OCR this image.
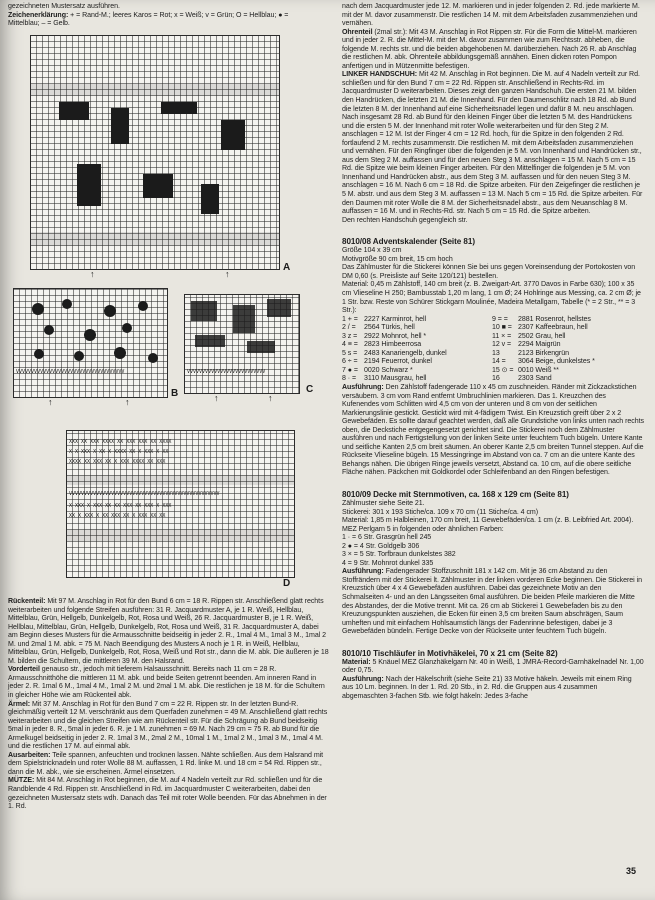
gezeichneten Mustersatz ausführen.

Zeichenerklärung: + = Rand-M.; leeres Karos = Rot; x = Weiß; v = Grün; O = Hellblau; ● = Mittelblau; – = Gelb.

↑	↑
A
VVVVVVVVVVVVVVVVVVVVVVVVVVVVVVVVVVVV
↑	↑
B
VVVVVVVVVVVVVVVVVVVVVVVVVV
↑	↑
C
XXX XX XXX XXXX XX XXX XXX XX XXXX
X X XXX X XX X XXXX XX X XXX X XX
XXXX XX XXX XX X XXX XXXX XX XXX
VVVVVVVVVVVVVVVVVVVVVVVVVVVVVVVVVVVVVVVVVVVVVVVVVV
X XXX X XXX XX XX XXX XX XXX X XXX
XX X XXX X XX XXX XX X XXX XX XX
D

Rückenteil: Mit 97 M. Anschlag in Rot für den Bund 6 cm = 18 R. Rippen str. Anschließend glatt rechts weiterarbeiten und folgende Streifen ausführen: 31 R. Jacquardmuster A, je 1 R. Weiß, Hellblau, Mittelblau, Grün, Hellgelb, Dunkelgelb, Rot, Rosa und Weiß, 26 R. Jacquardmuster B, je 1 R. Weiß, Hellblau, Mittelblau, Grün, Hellgelb, Dunkelgelb, Rot, Rosa und Weiß, 31 R. Jacquardmuster A, dabei am Beginn dieses Musters für die Armausschnitte beidseitig in jeder 2. R., 1mal 4 M., 1mal 3 M., 1mal 2 M. und 2mal 1 M. abk. = 75 M. Nach Beendigung des Musters A noch je 1 R. in Weiß, Hellblau, Mittelblau, Grün, Hellgelb, Dunkelgelb, Rot, Rosa, Weiß und Rot str., dann die M. abk. Die äußeren je 18 M. bilden die Schultern, die mittleren 39 M. den Halsrand.

Vorderteil genauso str., jedoch mit tieferem Halsausschnitt. Bereits nach 11 cm = 28 R. Armausschnitthöhe die mittleren 11 M. abk. und beide Seiten getrennt beenden. Am inneren Rand in jeder 2. R. 1mal 6 M., 1mal 4 M., 1mal 2 M. und 2mal 1 M. abk. Die restlichen je 18 M. für die Schultern in gleicher Höhe wie am Rückenteil abk.

Ärmel: Mit 37 M. Anschlag in Rot für den Bund 7 cm = 22 R. Rippen str. In der letzten Bund-R. gleichmäßig verteilt 12 M. verschränkt aus dem Querfaden zunehmen = 49 M. Anschließend glatt rechts weiterarbeiten und die gleichen Streifen wie am Rückenteil str. Für die Schrägung ab Bund beidseitig 5mal in jeder 8. R., 5mal in jeder 6. R. je 1 M. zunehmen = 69 M. Nach 29 cm = 75 R. ab Bund für die Armelkugel beidseitig in jeder 2. R. 1mal 3 M., 2mal 2 M., 10mal 1 M., 1mal 2 M., 1mal 3 M., 1mal 4 M. und die restlichen 17 M. auf einmal abk.

Ausarbeiten: Teile spannen, anfeuchten und trocknen lassen. Nähte schließen. Aus dem Halsrand mit dem Spielstricknadeln und roter Wolle 88 M. auffassen, 1 Rd. linke M. und 18 cm = 54 Rd. Rippen str., dann die M. abk., wie sie erscheinen. Ärmel einsetzen.

MÜTZE: Mit 84 M. Anschlag in Rot beginnen, die M. auf 4 Nadeln verteilt zur Rd. schließen und für die Randblende 4 Rd. Rippen str. Anschließend in Rd. im Jacquardmuster C weiterarbeiten, dabei den gezeichneten Mustersatz stets wdh. Danach das Teil mit roter Wolle beenden. Für das Abnehmen in der 1. Rd.

nach dem Jacquardmuster jede 12. M. markieren und in jeder folgenden 2. Rd. jede markierte M. mit der M. davor zusammenstr. Die restlichen 14 M. mit dem Arbeitsfaden zusammenziehen und vernähen.

Ohrenteil (2mal str.): Mit 43 M. Anschlag in Rot Rippen str. Für die Form die Mittel-M. markieren und in jeder 2. R. die Mittel-M. mit der M. davor zusammen wie zum Rechtsstr. abheben, die folgende M. rechts str. und die beiden abgehobenen M. darüberziehen. Nach 26 R. ab Anschlag die restlichen M. abk. Ohrenteile abbildungsgemäß annähen. Einen dicken roten Pompon anfertigen und in Mützenmitte befestigen.

LINKER HANDSCHUH: Mit 42 M. Anschlag in Rot beginnen. Die M. auf 4 Nadeln verteilt zur Rd. schließen und für den Bund 7 cm = 22 Rd. Rippen str. Anschließend in Rechts-Rd. im Jacquardmuster D weiterarbeiten. Dieses zeigt den ganzen Handschuh. Die ersten 21 M. bilden den Handrücken, die letzten 21 M. die Innenhand. Für den Daumenschlitz nach 18 Rd. ab Bund die letzten 8 M. der Innenhand auf eine Sicherheitsnadel legen und dafür 8 M. neu anschlagen. Nach insgesamt 28 Rd. ab Bund für den kleinen Finger über die letzten 5 M. des Handrückens und die ersten 5 M. der Innenhand mit roter Wolle weiterarbeiten und für den Steg 2 M. anschlagen = 12 M. Ist der Finger 4 cm = 12 Rd. hoch, für die Spitze in den folgenden 2 Rd. fortlaufend 2 M. rechts zusammenstr. Die restlichen M. mit dem Arbeitsfaden zusammenziehen und vernähen. Für den Ringfinger über die folgenden je 5 M. von Innenhand und Handrücken str., aus dem Steg 2 M. auffassen und für den neuen Steg 3 M. anschlagen = 15 M. Nach 5 cm = 15 Rd. die Spitze wie beim kleinen Finger arbeiten. Für den Mittelfinger die folgenden je 5 M. von Innenhand und Handrücken abstr., aus dem Steg 3 M. auffassen und für den neuen Steg 3 M. anschlagen = 16 M. Nach 6 cm = 18 Rd. die Spitze arbeiten. Für den Zeigefinger die restlichen je 5 M. abstr. und aus dem Steg 3 M. auffassen = 13 M. Nach 5 cm = 15 Rd. die Spitze arbeiten. Für den Daumen mit roter Wolle die 8 M. der Sicherheitsnadel abstr., aus dem Neuanschlag 8 M. auffassen = 16 M. und in Rechts-Rd. str. Nach 5 cm = 15 Rd. die Spitze arbeiten.

Den rechten Handschuh gegengleich str.

8010/08 Adventskalender (Seite 81)

Größe 104 x 39 cm

Motivgröße 90 cm breit, 15 cm hoch

Das Zählmuster für die Stickerei können Sie bei uns gegen Voreinsendung der Portokosten von DM 0,60 (s. Preisliste auf Seite 120/121) bestellen.

Material: 0,45 m Zählstoff, 140 cm breit (z. B. Zweigart-Art. 3770 Davos in Farbe 630); 100 x 35 cm Vlieseline H 250; Bambusstab 1,20 m lang, 1 cm Ø; 24 Hohlringe aus Messing, ca. 2 cm Ø; je 1 Str. bzw. Reste von Schürer Stickgarn Moulinée, Madeira Metallgarn, Tabelle (* = 2 Str., ** = 3 Str.):

1 + = 2227 Karminrot, hell	9 = =	2881 Rosenrot, hellstes
2 / =	2564 Türkis, hell	10 ■ = 2307 Kaffeebraun, hell
3 z = 2922 Mohnrot, hell *	11 × = 2502 Grau, hell
4 ≡ = 2823 Himbeerrosa	12 v = 2294 Maigrün
5 s = 2483 Kanariengelb, dunkel	13	2123 Birkengrün
6 ÷ = 2194 Feuerrot, dunkel	14 =	3064 Beige, dunkelstes *
7 ● = 0020 Schwarz *	15 ⊙ = 0010 Weiß **
8 · =	3110 Mausgrau, hell	16	2303 Sand

Ausführung: Den Zählstoff fadengerade 110 x 45 cm zuschneiden. Ränder mit Zickzackstichen versäubern. 3 cm vom Rand entfernt Umbruchlinien markieren. Das 1. Kreuzchen des Kufenendes vom Schlitten wird 4,5 cm von der unteren und 8 cm von der seitlichen Markierungslinie gestickt. Gestickt wird mit 4-fädigem Twist. Ein Kreuzstich greift über 2 x 2 Gewebefäden. Es sollte darauf geachtet werden, daß alle Grundstiche von links unten nach rechts oben, die Deckstiche entgegengesetzt gerichtet sind. Die Stickerei noch dem Zählmuster ausführen und nach Fertigstellung von der linken Seite unter feuchtem Tuch bügeln. Untere Kante und seitliche Kanten 2,5 cm breit säumen. An oberer Kante 2,5 cm breiten Tunnel steppen. Auf die Rückseite Vlieseline bügeln. 15 Messingringe im Abstand von ca. 7 cm an die untere Kante des Behangs nähen. Die übrigen Ringe jeweils versetzt, Abstand ca. 10 cm, auf die obere seitliche Fläche nähen. Päckchen mit Goldkordel oder Schleifenband an den Ringen befestigen.

8010/09 Decke mit Sternmotiven, ca. 168 x 129 cm (Seite 81)

Zählmuster siehe Seite 21.

Stickerei: 301 x 193 Stiche/ca. 109 x 70 cm (11 Stiche/ca. 4 cm)

Material: 1,85 m Halbleinen, 170 cm breit, 11 Gewebefäden/ca. 1 cm (z. B. Leibfried Art. 2004). MEZ Perlgarn 5 in folgenden oder ähnlichen Farben:

1 · = 6 Str. Grasgrün hell 245

2 ● = 4 Str. Goldgelb 306

3 × = 5 Str. Torfbraun dunkelstes 382

4 = 9 Str. Mohnrot dunkel 335

Ausführung: Fadengerader Stoffzuschnitt 181 x 142 cm. Mit je 36 cm Abstand zu den Stoffrändern mit der Stickerei lt. Zählmuster in der linken vorderen Ecke beginnen. Die Stickerei in Kreuzstich über 4 x 4 Gewebefäden ausführen. Dabei das gezeichnete Motiv an den Schmalseiten 4- und an den Längsseiten 6mal ausführen. Die beiden Pfeile markieren die Mitte des Abstandes, der die Motive trennt. Mit ca. 26 cm ab Stickerei 1 Gewebefaden bis zu den Kreuzungspunkten ausziehen, die Ecken für einen 3,5 cm breiten Saum abschrägen, Saum umheften und mit einfachem Hohlsaumstich längs der Fadenrinne befestigen, dabei je 3 Gewebefäden bündeln. Fertige Decke von der Rückseite unter feuchtem Tuch bügeln.

8010/10 Tischläufer in Motivhäkelei, 70 x 21 cm (Seite 82)

Material: 5 Knäuel MEZ Glanzhäkelgarn Nr. 40 in Weiß, 1 JMRA-Record-Garnhäkelnadel Nr. 1,00 oder 0,75.

Ausführung: Nach der Häkelschrift (siehe Seite 21) 33 Motive häkeln. Jeweils mit einem Ring aus 10 Lm. beginnen. In der 1. Rd. 20 Stb., in 2. Rd. die Gruppen aus 4 zusammen abgemaschten 3-fachen Stb. wie folgt häkeln: Jedes 3-fache

35
